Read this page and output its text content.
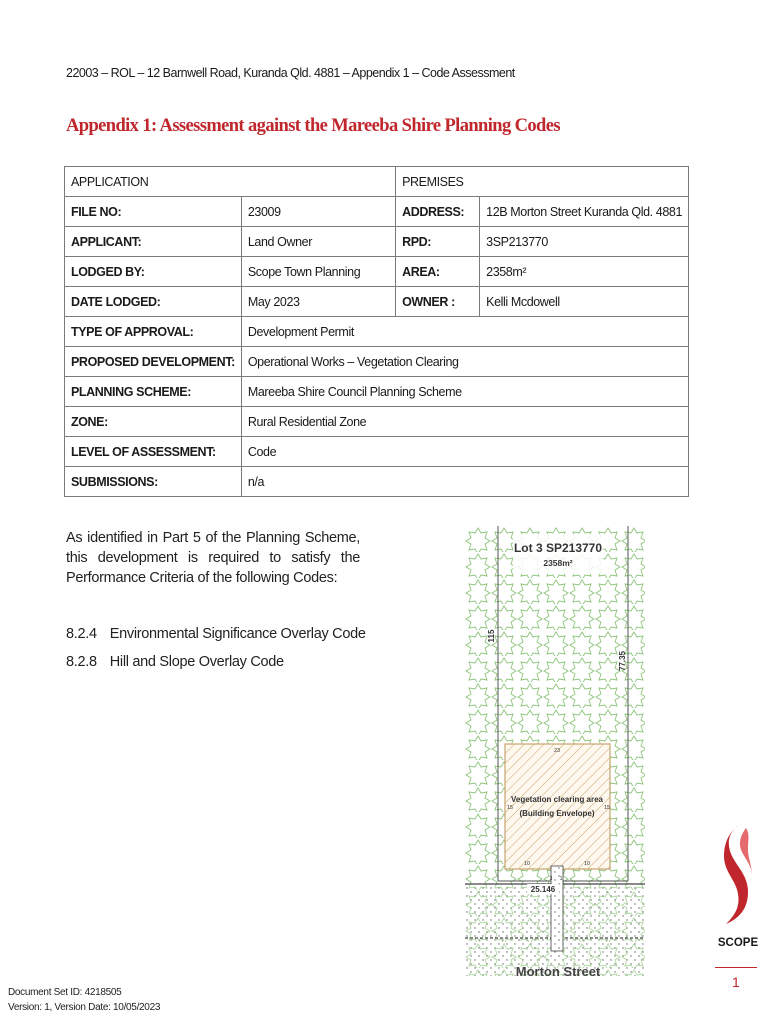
22003 – ROL – 12 Barnwell Road, Kuranda Qld. 4881 – Appendix 1 – Code Assessment
Appendix 1: Assessment against the Mareeba Shire Planning Codes
APPLICATION		PREMISES	
FILE NO:	23009	ADDRESS:	12B Morton Street Kuranda Qld. 4881
APPLICANT:	Land Owner	RPD:	3SP213770
LODGED BY:	Scope Town Planning	AREA:	2358m²
DATE LODGED:	May 2023	OWNER :	Kelli Mcdowell
TYPE OF APPROVAL:	Development Permit		
PROPOSED DEVELOPMENT:	Operational Works – Vegetation Clearing		
PLANNING SCHEME:	Mareeba Shire Council Planning Scheme		
ZONE:	Rural Residential Zone		
LEVEL OF ASSESSMENT:	Code		
SUBMISSIONS:	n/a		
As identified in Part 5 of the Planning Scheme, this development is required to satisfy the Performance Criteria of the following Codes:
8.2.4 Environmental Significance Overlay Code
8.2.8 Hill and Slope Overlay Code
Lot 3 SP213770
2358m²
115
77.35
23
15	15
10	10
Vegetation clearing area
(Building Envelope)
3 1
25.146
Morton Street
SCOPE
1
Document Set ID: 4218505
Version: 1, Version Date: 10/05/2023
